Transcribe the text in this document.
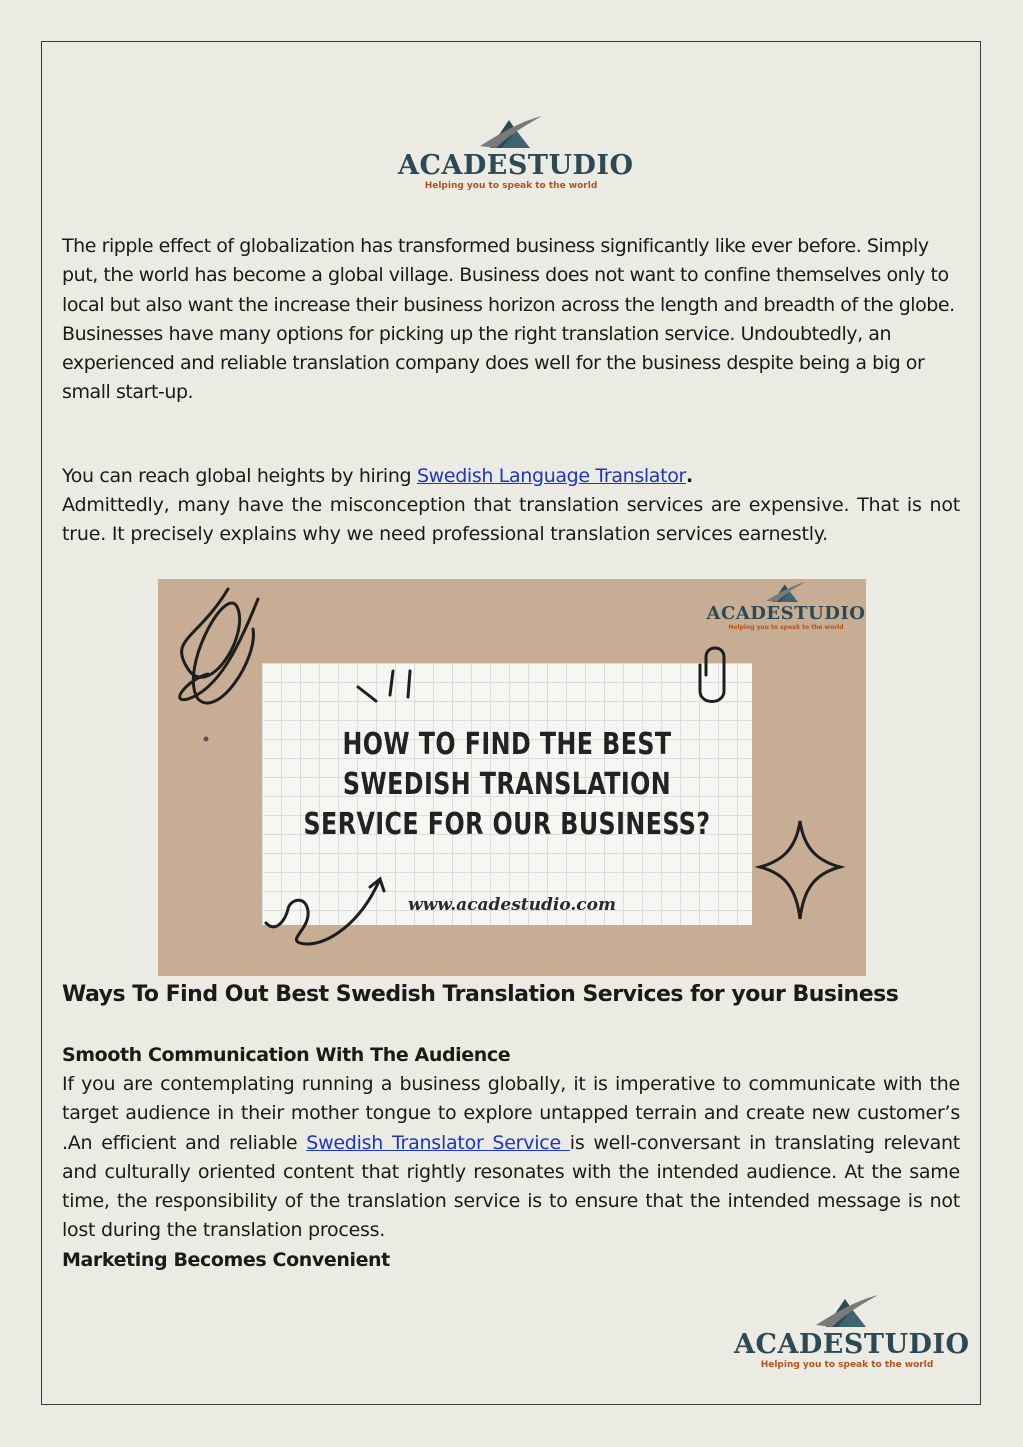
ACADESTUDIO
Helping you to speak to the world

The ripple effect of globalization has transformed business significantly like ever before. Simply put, the world has become a global village. Business does not want to confine themselves only to local but also want the increase their business horizon across the length and breadth of the globe. Businesses have many options for picking up the right translation service. Undoubtedly, an experienced and reliable translation company does well for the business despite being a big or small start-up.

You can reach global heights by hiring Swedish Language Translator.

Admittedly, many have the misconception that translation services are expensive. That is not true. It precisely explains why we need professional translation services earnestly.

HOW TO FIND THE BEST
SWEDISH TRANSLATION
SERVICE FOR OUR BUSINESS?
www.acadestudio.com
ACADESTUDIO
Helping you to speak to the world
Ways To Find Out Best Swedish Translation Services for your Business
Smooth Communication With The Audience

If you are contemplating running a business globally, it is imperative to communicate with the target audience in their mother tongue to explore untapped terrain and create new customer’s .An efficient and reliable Swedish Translator Service is well-conversant in translating relevant and culturally oriented content that rightly resonates with the intended audience. At the same time, the responsibility of the translation service is to ensure that the intended message is not lost during the translation process.

Marketing Becomes Convenient
ACADESTUDIO
Helping you to speak to the world
